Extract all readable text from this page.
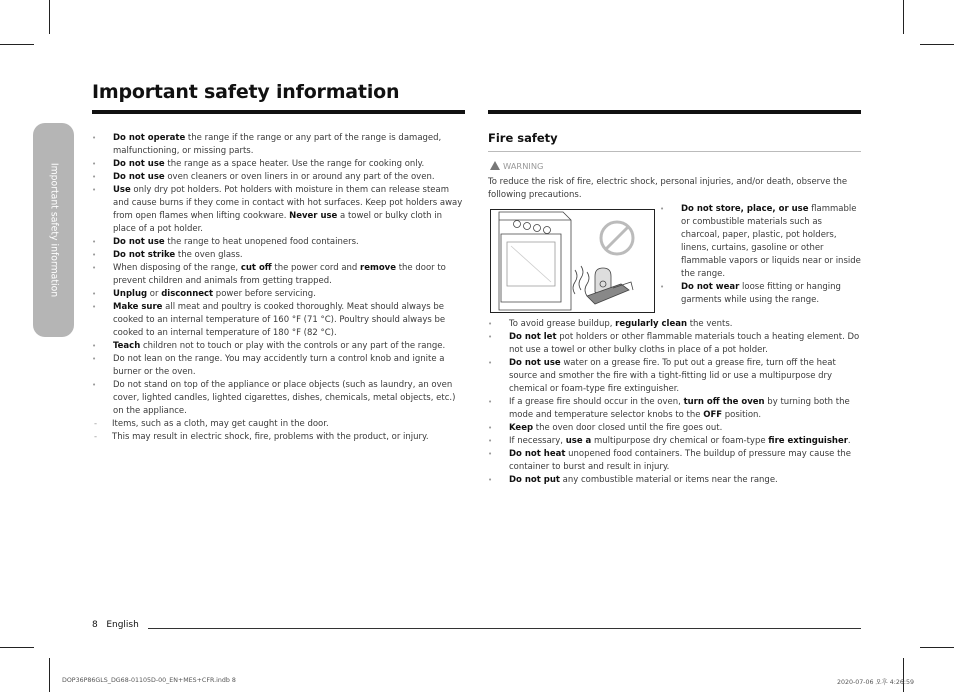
Important safety information
Important safety information
• Do not operate the range if the range or any part of the range is damaged, malfunctioning, or missing parts.
• Do not use the range as a space heater. Use the range for cooking only.
• Do not use oven cleaners or oven liners in or around any part of the oven.
• Use only dry pot holders. Pot holders with moisture in them can release steam and cause burns if they come in contact with hot surfaces. Keep pot holders away from open flames when lifting cookware. Never use a towel or bulky cloth in place of a pot holder.
• Do not use the range to heat unopened food containers.
• Do not strike the oven glass.
• When disposing of the range, cut off the power cord and remove the door to prevent children and animals from getting trapped.
• Unplug or disconnect power before servicing.
• Make sure all meat and poultry is cooked thoroughly. Meat should always be cooked to an internal temperature of 160 °F (71 °C). Poultry should always be cooked to an internal temperature of 180 °F (82 °C).
• Teach children not to touch or play with the controls or any part of the range.
• Do not lean on the range. You may accidently turn a control knob and ignite a burner or the oven.
• Do not stand on top of the appliance or place objects (such as laundry, an oven cover, lighted candles, lighted cigarettes, dishes, chemicals, metal objects, etc.) on the appliance.
- Items, such as a cloth, may get caught in the door.
- This may result in electric shock, fire, problems with the product, or injury.
Fire safety
WARNING
To reduce the risk of fire, electric shock, personal injuries, and/or death, observe the following precautions.
• Do not store, place, or use flammable or combustible materials such as charcoal, paper, plastic, pot holders, linens, curtains, gasoline or other flammable vapors or liquids near or inside the range.
• Do not wear loose fitting or hanging garments while using the range.
• To avoid grease buildup, regularly clean the vents.
• Do not let pot holders or other flammable materials touch a heating element. Do not use a towel or other bulky cloths in place of a pot holder.
• Do not use water on a grease fire. To put out a grease fire, turn off the heat source and smother the fire with a tight-fitting lid or use a multipurpose dry chemical or foam-type fire extinguisher.
• If a grease fire should occur in the oven, turn off the oven by turning both the mode and temperature selector knobs to the OFF position.
• Keep the oven door closed until the fire goes out.
• If necessary, use a multipurpose dry chemical or foam-type fire extinguisher.
• Do not heat unopened food containers. The buildup of pressure may cause the container to burst and result in injury.
• Do not put any combustible material or items near the range.
8 English
DOP36P86GLS_DG68-01105D-00_EN+MES+CFR.indb 8	2020-07-06 오후 4:26:59
